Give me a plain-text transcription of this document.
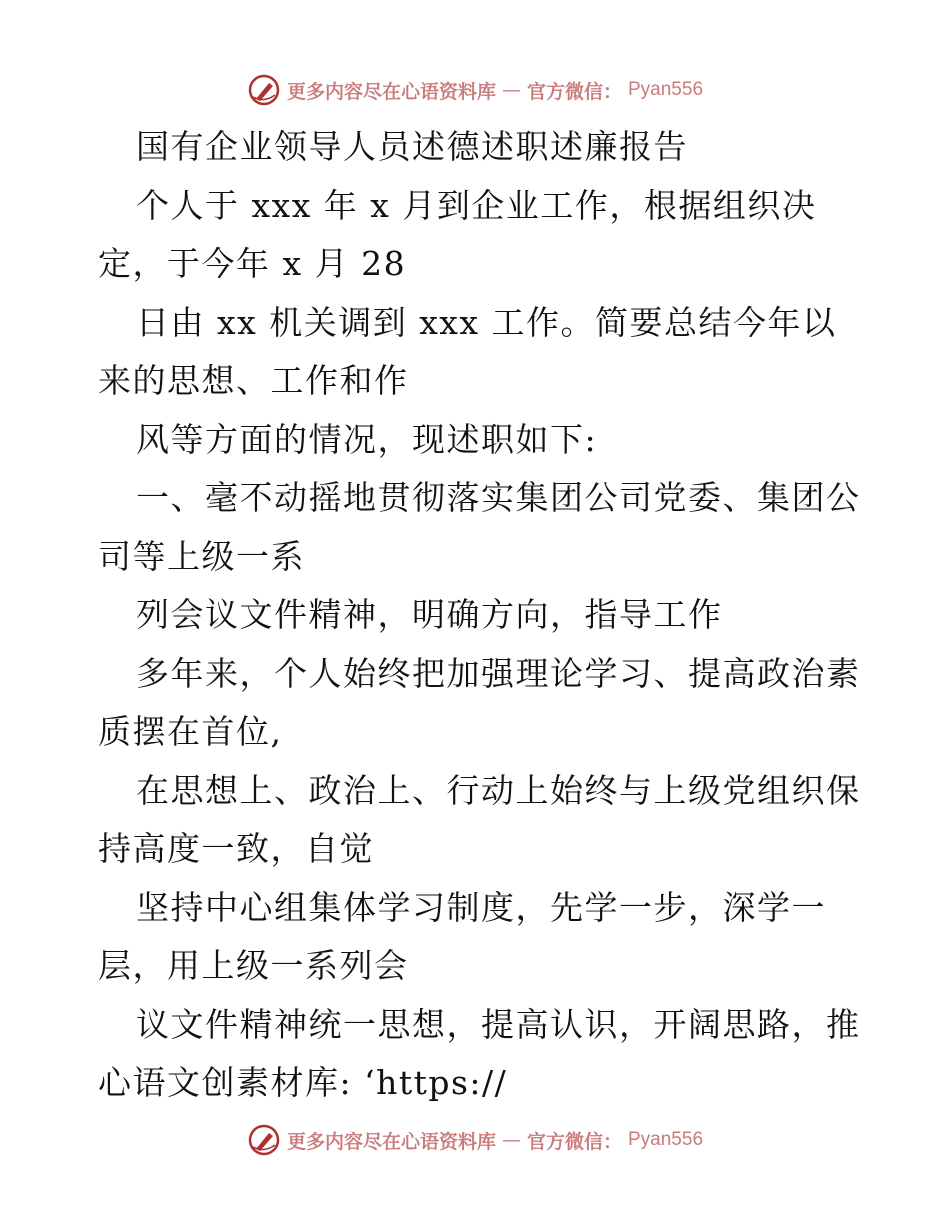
更多内容尽在心语资料库 — 官方微信： Pyan556
国有企业领导人员述德述职述廉报告
个人于 xxx 年 x 月到企业工作，根据组织决
定，于今年 x 月 28
日由 xx 机关调到 xxx 工作。简要总结今年以
来的思想、工作和作
风等方面的情况，现述职如下:
一、毫不动摇地贯彻落实集团公司党委、集团公
司等上级一系
列会议文件精神，明确方向，指导工作
多年来，个人始终把加强理论学习、提高政治素
质摆在首位,
在思想上、政治上、行动上始终与上级党组织保
持高度一致，自觉
坚持中心组集体学习制度，先学一步，深学一
层，用上级一系列会
议文件精神统一思想，提高认识，开阔思路，推
心语文创素材库: ‘https://
更多内容尽在心语资料库 — 官方微信： Pyan556
